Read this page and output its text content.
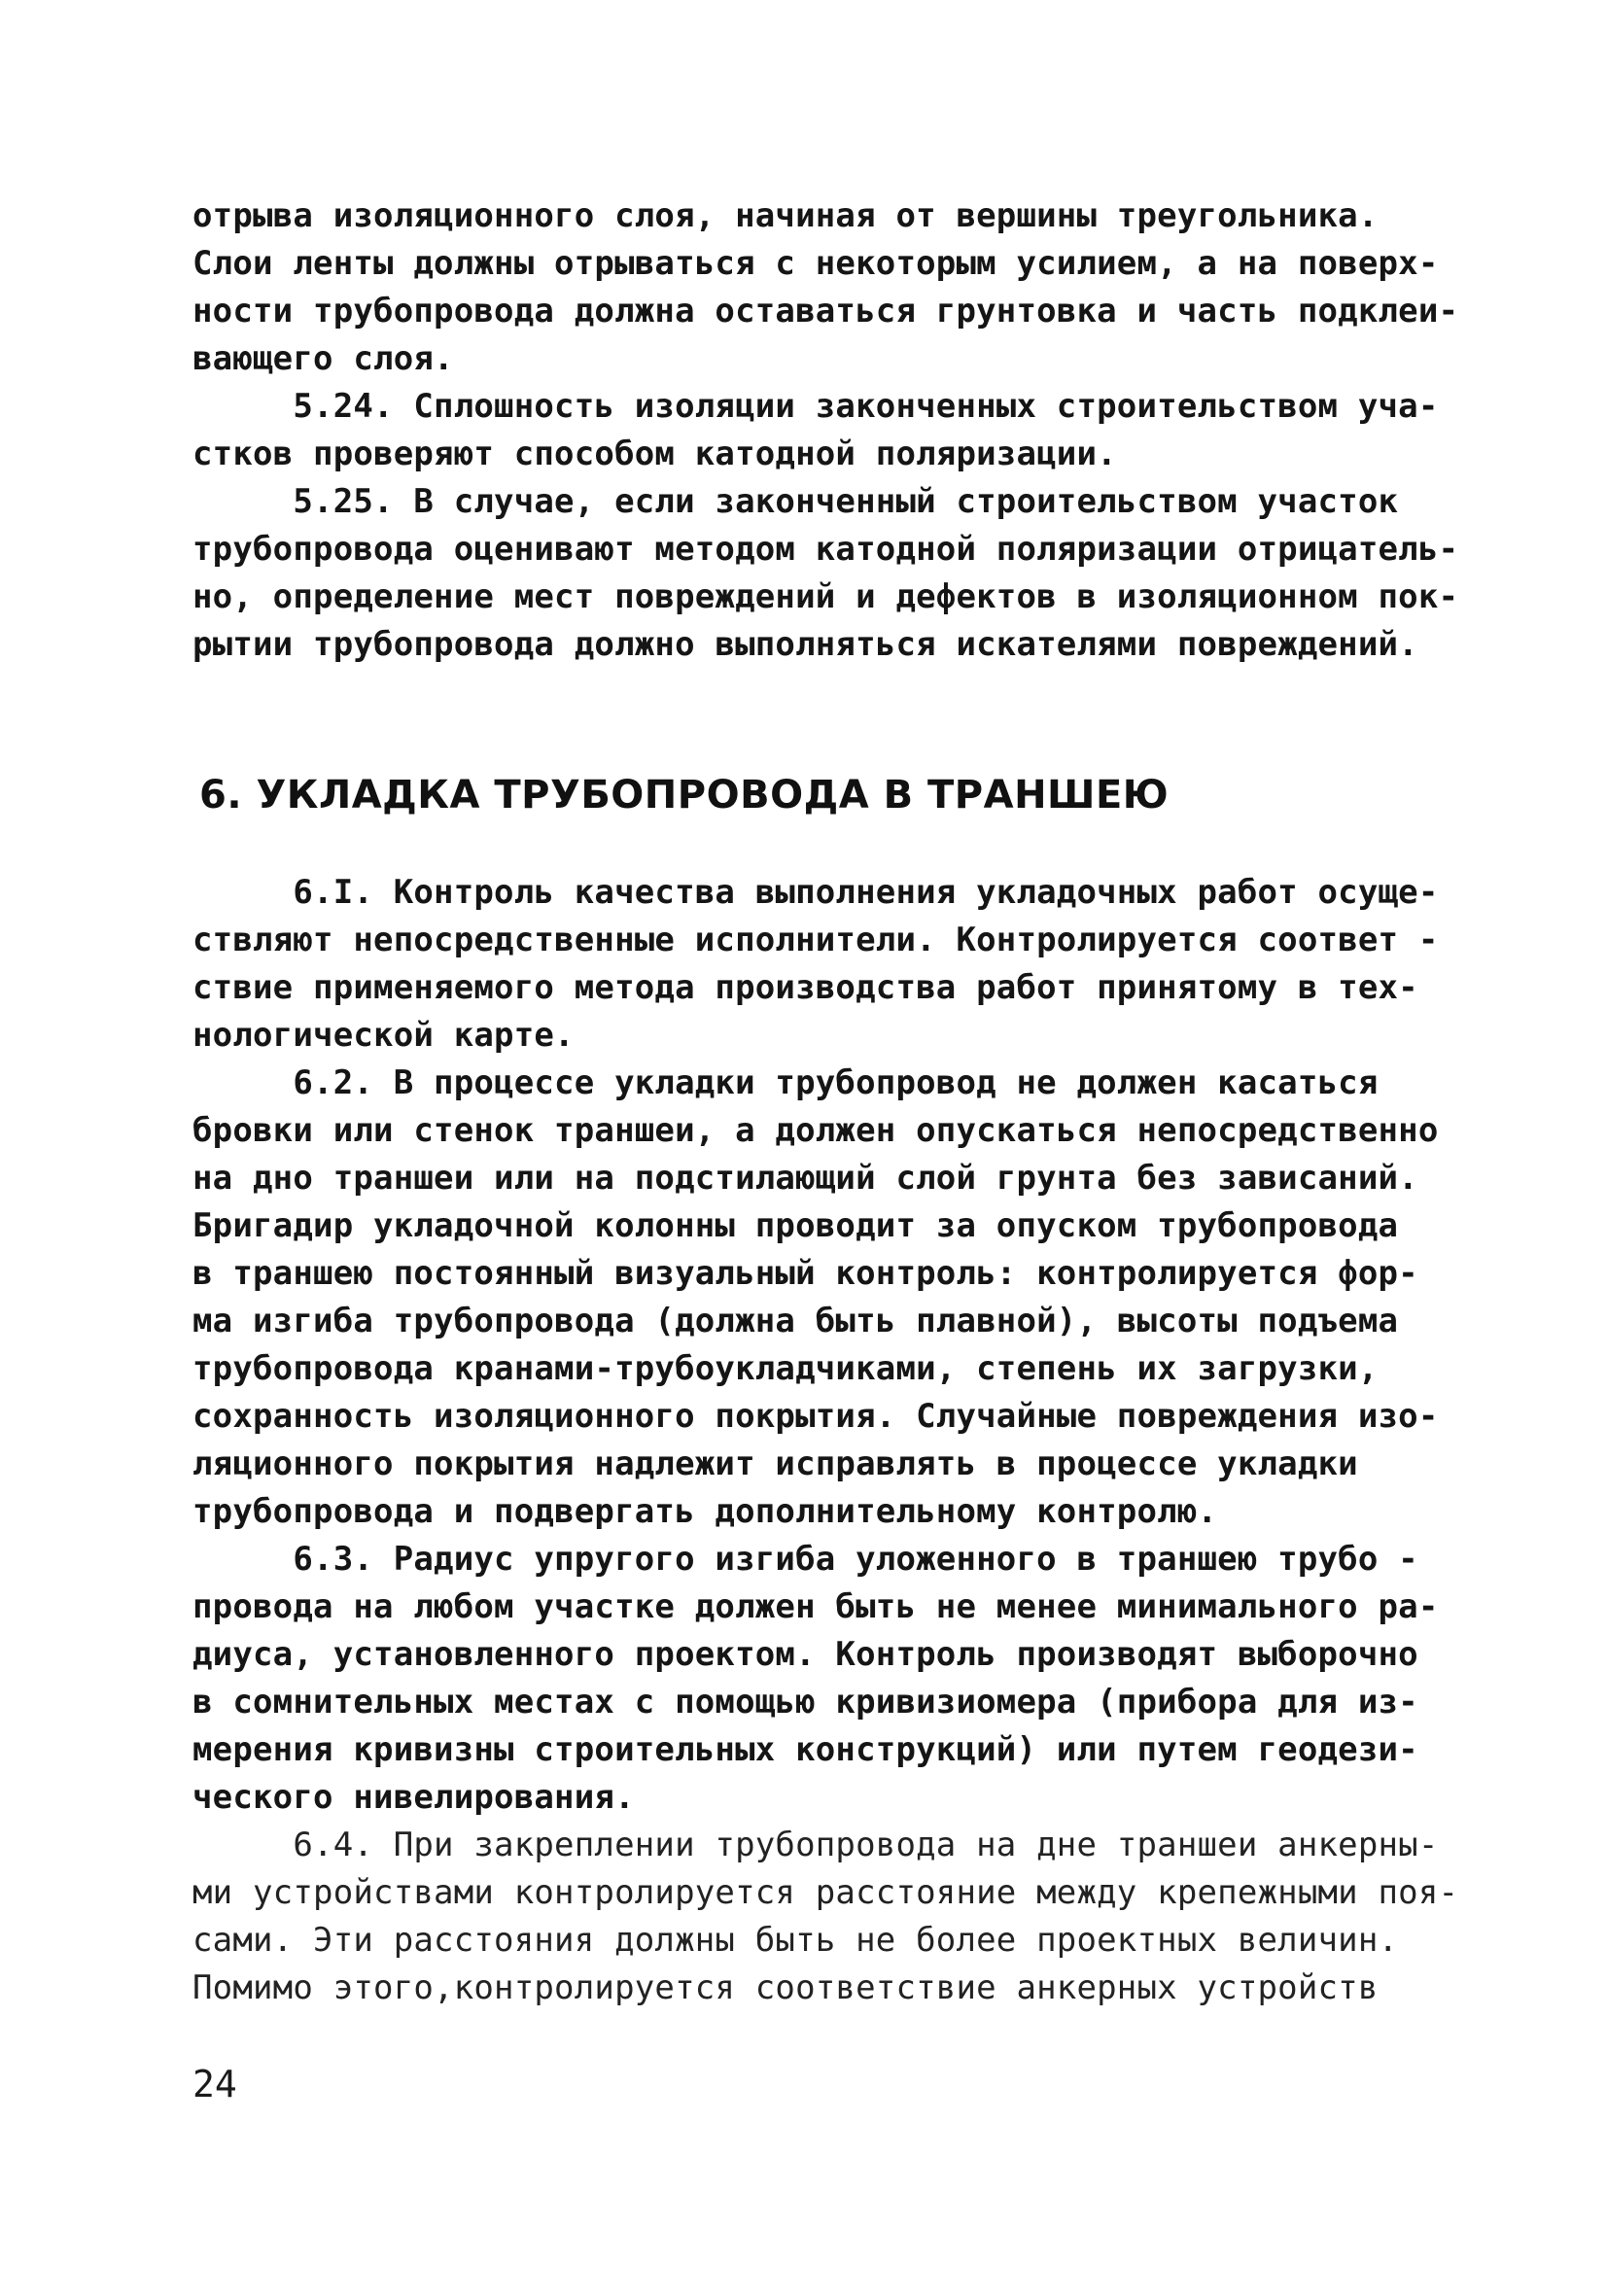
отрыва изоляционного слоя, начиная от вершины треугольника.
Слои ленты должны отрываться с некоторым усилием, а на поверх-
ности трубопровода должна оставаться грунтовка и часть подклеи-
вающего слоя.
5.24. Сплошность изоляции законченных строительством уча-
стков проверяют способом катодной поляризации.
5.25. В случае, если законченный строительством участок
трубопровода оценивают методом катодной поляризации отрицатель-
но, определение мест повреждений и дефектов в изоляционном пок-
рытии трубопровода должно выполняться искателями повреждений.
6. УКЛАДКА ТРУБОПРОВОДА В ТРАНШЕЮ
6.I. Контроль качества выполнения укладочных работ осуще-
ствляют непосредственные исполнители. Контролируется соответ -
ствие применяемого метода производства работ принятому в тех-
нологической карте.
6.2. В процессе укладки трубопровод не должен касаться
бровки или стенок траншеи, а должен опускаться непосредственно
на дно траншеи или на подстилающий слой грунта без зависаний.
Бригадир укладочной колонны проводит за опуском трубопровода
в траншею постоянный визуальный контроль: контролируется фор-
ма изгиба трубопровода (должна быть плавной), высоты подъема
трубопровода кранами-трубоукладчиками, степень их загрузки,
сохранность изоляционного покрытия. Случайные повреждения изо-
ляционного покрытия надлежит исправлять в процессе укладки
трубопровода и подвергать дополнительному контролю.
6.3. Радиус упругого изгиба уложенного в траншею трубо -
провода на любом участке должен быть не менее минимального ра-
диуса, установленного проектом. Контроль производят выборочно
в сомнительных местах с помощью кривизиомера (прибора для из-
мерения кривизны строительных конструкций) или путем геодези-
ческого нивелирования.
6.4. При закреплении трубопровода на дне траншеи анкерны-
ми устройствами контролируется расстояние между крепежными поя-
сами. Эти расстояния должны быть не более проектных величин.
Помимо этого,контролируется соответствие анкерных устройств
24
